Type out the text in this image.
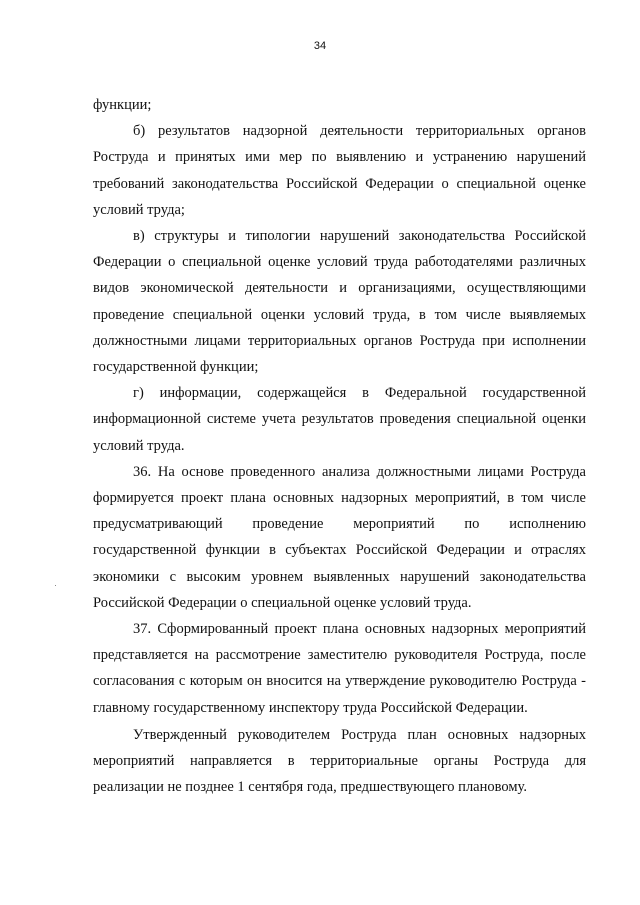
34

функции;

б) результатов надзорной деятельности территориальных органов Роструда и принятых ими мер по выявлению и устранению нарушений требований законодательства Российской Федерации о специальной оценке условий труда;

в) структуры и типологии нарушений законодательства Российской Федерации о специальной оценке условий труда работодателями различных видов экономической деятельности и организациями, осуществляющими проведение специальной оценки условий труда, в том числе выявляемых должностными лицами территориальных органов Роструда при исполнении государственной функции;

г) информации, содержащейся в Федеральной государственной информационной системе учета результатов проведения специальной оценки условий труда.

36. На основе проведенного анализа должностными лицами Роструда формируется проект плана основных надзорных мероприятий, в том числе предусматривающий проведение мероприятий по исполнению государственной функции в субъектах Российской Федерации и отраслях экономики с высоким уровнем выявленных нарушений законодательства Российской Федерации о специальной оценке условий труда.

37. Сформированный проект плана основных надзорных мероприятий представляется на рассмотрение заместителю руководителя Роструда, после согласования с которым он вносится на утверждение руководителю Роструда - главному государственному инспектору труда Российской Федерации.

Утвержденный руководителем Роструда план основных надзорных мероприятий направляется в территориальные органы Роструда для реализации не позднее 1 сентября года, предшествующего плановому.
